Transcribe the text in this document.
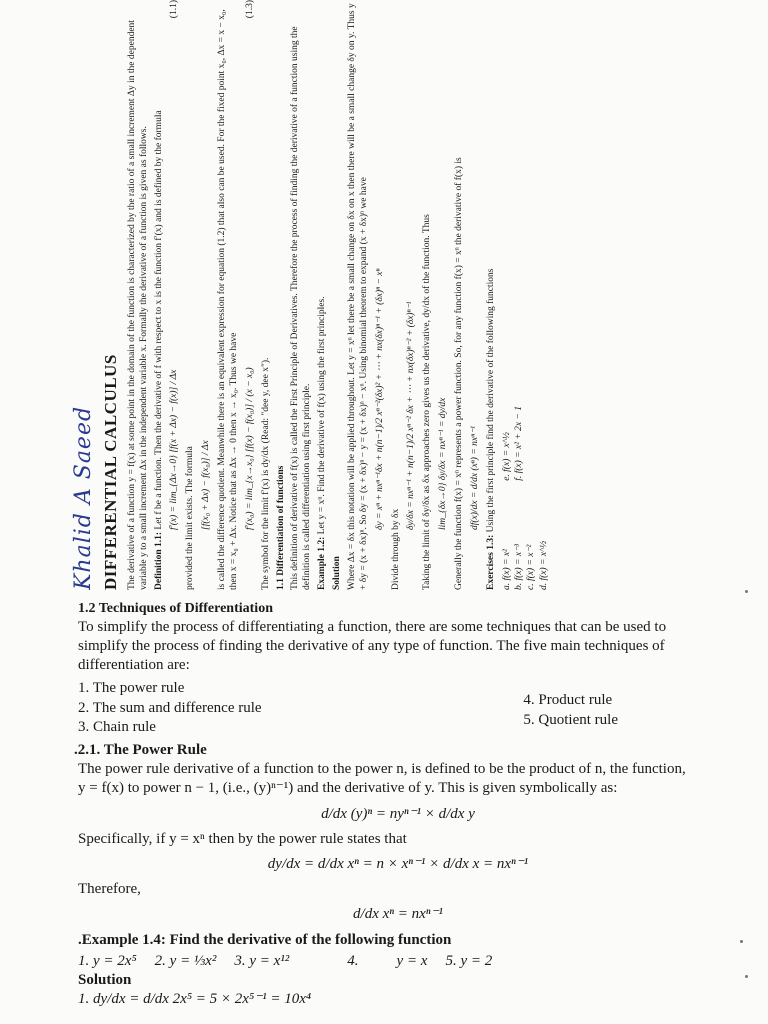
Khalid A Saeed DIFFERENTIAL CALCULUS The derivative of a function y = f(x) at some point in the domain of the function is characterized by the ratio of a small increment Δy in the dependent variable y to a small increment Δx in the independent variable x. Formally the derivative of a function is given as follows. Definition 1.1: Let f be a function. Then the derivative of f with respect to x is the function f′(x) and is defined by the formula f′(x) = lim_{Δx→0} [f(x + Δx) − f(x)] / Δx
(1.1)

provided the limit exists. The formula [f(x₀ + Δx) − f(x₀)] / Δx is called the difference quotient. Meanwhile there is an equivalent expression for equation (1.2) that also can be used. For the fixed point x₀, Δx = x − x₀, then x = x₀ + Δx. Notice that as Δx → 0 then x → x₀. Thus we have f′(x₀) = lim_{x→x₀} [f(x) − f(x₀)] / (x − x₀)
(1.3)

The symbol for the limit f′(x) is dy/dx (Read: "dee y, dee x"). 1.1 Differentiation of functions This definition of derivative of f(x) is called the First Principle of Derivatives. Therefore the process of finding the derivative of a function using the definition is called differentiation using first principle. Example 1.2: Let y = xⁿ. Find the derivative of f(x) using the first principles.

Solution Where Δx = δx this notation will be applied throughout. Let y = xⁿ let there be a small change on δx on x then there will be a small change δy on y. Thus y + δy = (x + δx)ⁿ. So δy = (x + δx)ⁿ − y = (x + δx)ⁿ − xⁿ. Using binomial theorem to expand (x + δx)ⁿ we have δy = xⁿ + nxⁿ⁻¹δx + n(n−1)/2 xⁿ⁻²(δx)² + ⋯ + nx(δx)ⁿ⁻¹ + (δx)ⁿ − xⁿ

Divide through by δx

δy/δx = nxⁿ⁻¹ + n(n−1)/2 xⁿ⁻² δx + ⋯ + nx(δx)ⁿ⁻² + (δx)ⁿ⁻¹ Taking the limit of δy/δx as δx approaches zero gives us the derivative, dy/dx of the function. Thus lim_{δx→0} δy/δx = nxⁿ⁻¹ = dy/dx Generally the function f(x) = xⁿ represents a power function. So, for any function f(x) = xⁿ the derivative of f(x) is df(x)/dx = d/dx (xⁿ) = nxⁿ⁻¹

Exercises 1.3: Using the first principle find the derivative of the following functions

a. f(x) = x² b. f(x) = x⁻³ c. f(x) = x⁻² d. f(x) = x^½
e. f(x) = x^½ f. f(x) = x² + 2x − 1
1.2 Techniques of Differentiation

To simplify the process of differentiating a function, there are some techniques that can be used to simplify the process of finding the derivative of any type of function. The five main techniques of differentiation are:

1. The power rule
2. The sum and difference rule
3. Chain rule
4. Product rule
5. Quotient rule
.2.1. The Power Rule

The power rule derivative of a function to the power n, is defined to be the product of n, the function,

y = f(x) to power n − 1, (i.e., (y)ⁿ⁻¹) and the derivative of y. This is given symbolically as:

d/dx (y)ⁿ = nyⁿ⁻¹ × d/dx y

Specifically, if y = xⁿ then by the power rule states that

dy/dx = d/dx xⁿ = n × xⁿ⁻¹ × d/dx x = nxⁿ⁻¹

Therefore,

d/dx xⁿ = nxⁿ⁻¹

.Example 1.4: Find the derivative of the following function

1. y = 2x⁵ 2. y = ⅓x² 3. y = x¹²	4.	y = x 5. y = 2

Solution

1. dy/dx = d/dx 2x⁵ = 5 × 2x⁵⁻¹ = 10x⁴
